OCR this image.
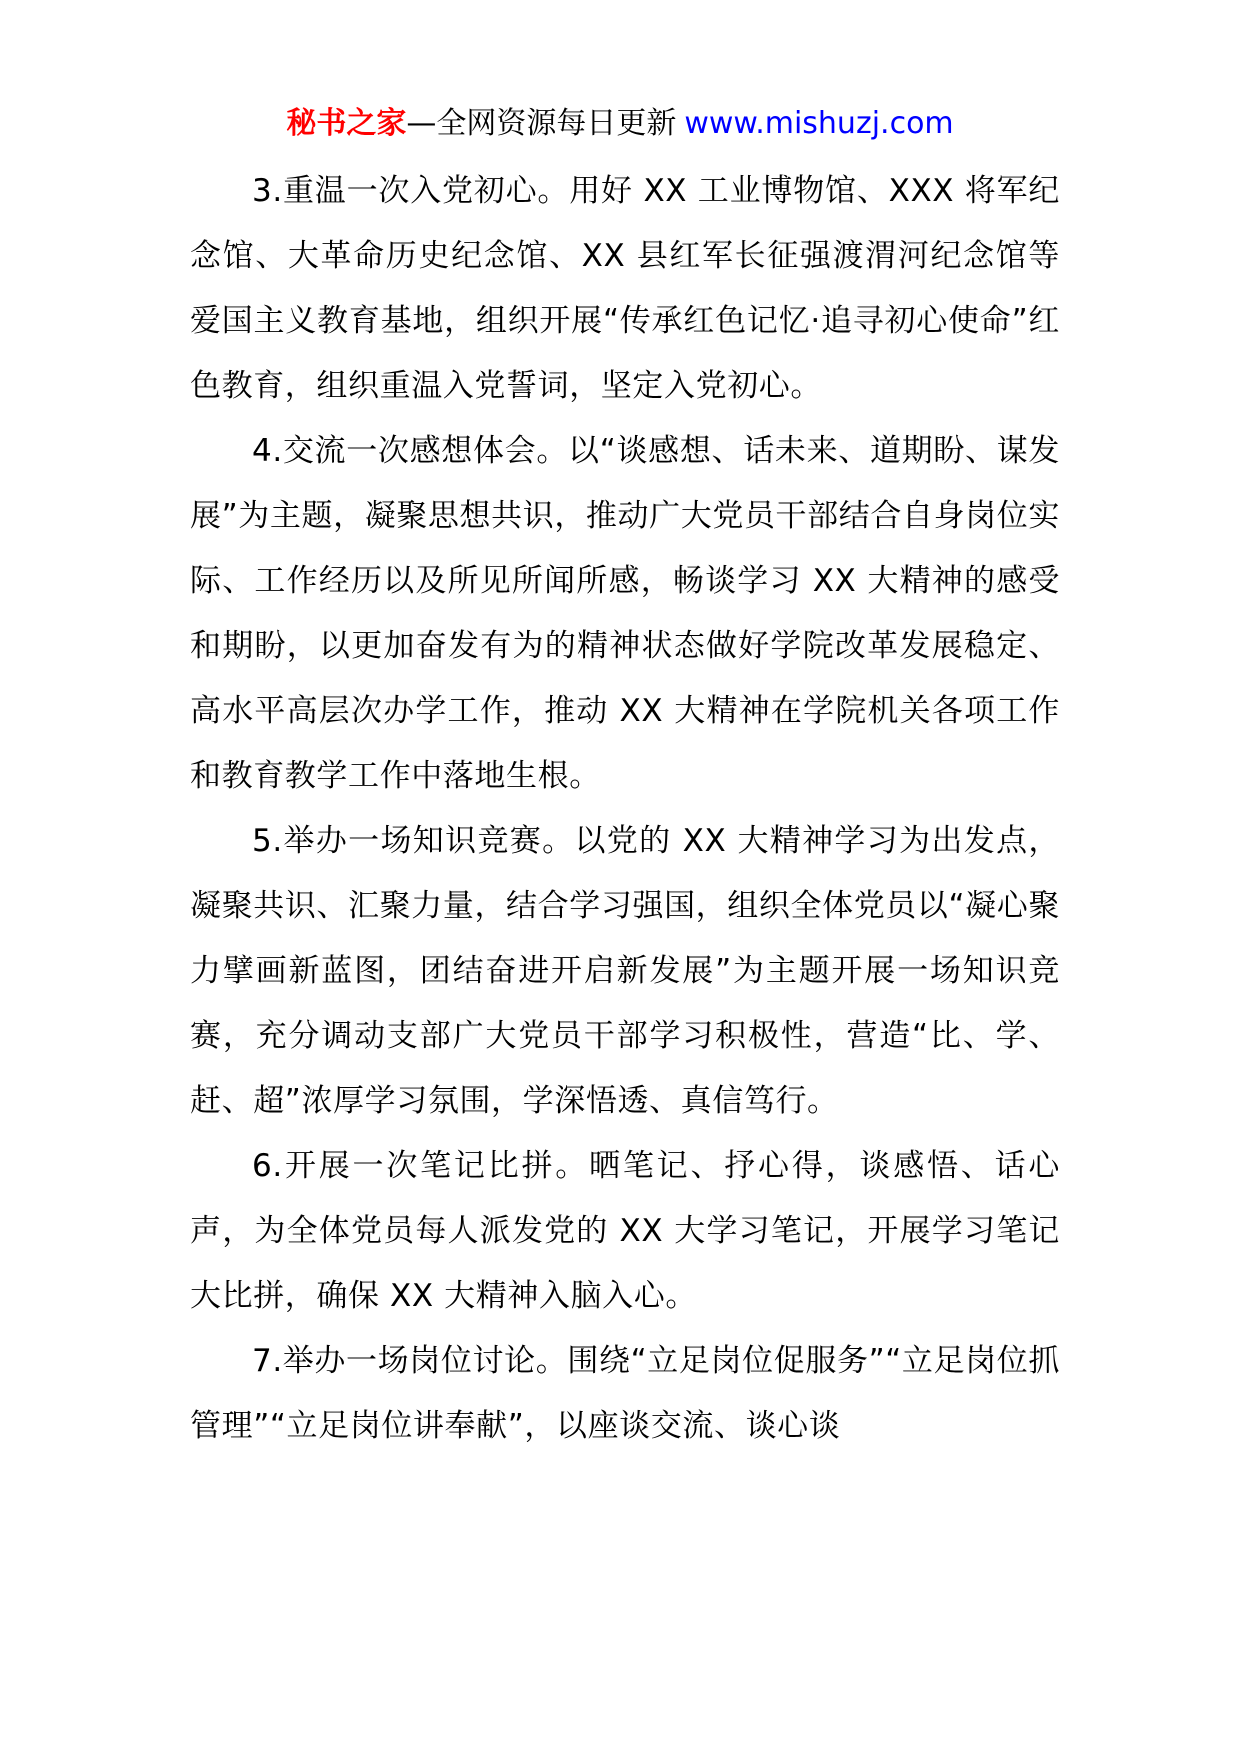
秘书之家—全网资源每日更新 www.mishuzj.com

3.重温一次入党初心。用好 XX 工业博物馆、XXX 将军纪念馆、大革命历史纪念馆、XX 县红军长征强渡渭河纪念馆等爱国主义教育基地，组织开展“传承红色记忆·追寻初心使命”红色教育，组织重温入党誓词，坚定入党初心。

4.交流一次感想体会。以“谈感想、话未来、道期盼、谋发展”为主题，凝聚思想共识，推动广大党员干部结合自身岗位实际、工作经历以及所见所闻所感，畅谈学习 XX 大精神的感受和期盼，以更加奋发有为的精神状态做好学院改革发展稳定、高水平高层次办学工作，推动 XX 大精神在学院机关各项工作和教育教学工作中落地生根。

5.举办一场知识竞赛。以党的 XX 大精神学习为出发点，凝聚共识、汇聚力量，结合学习强国，组织全体党员以“凝心聚力擘画新蓝图，团结奋进开启新发展”为主题开展一场知识竞赛，充分调动支部广大党员干部学习积极性，营造“比、学、赶、超”浓厚学习氛围，学深悟透、真信笃行。

6.开展一次笔记比拼。晒笔记、抒心得，谈感悟、话心声，为全体党员每人派发党的 XX 大学习笔记，开展学习笔记大比拼，确保 XX 大精神入脑入心。

7.举办一场岗位讨论。围绕“立足岗位促服务”“立足岗位抓管理”“立足岗位讲奉献”，以座谈交流、谈心谈
